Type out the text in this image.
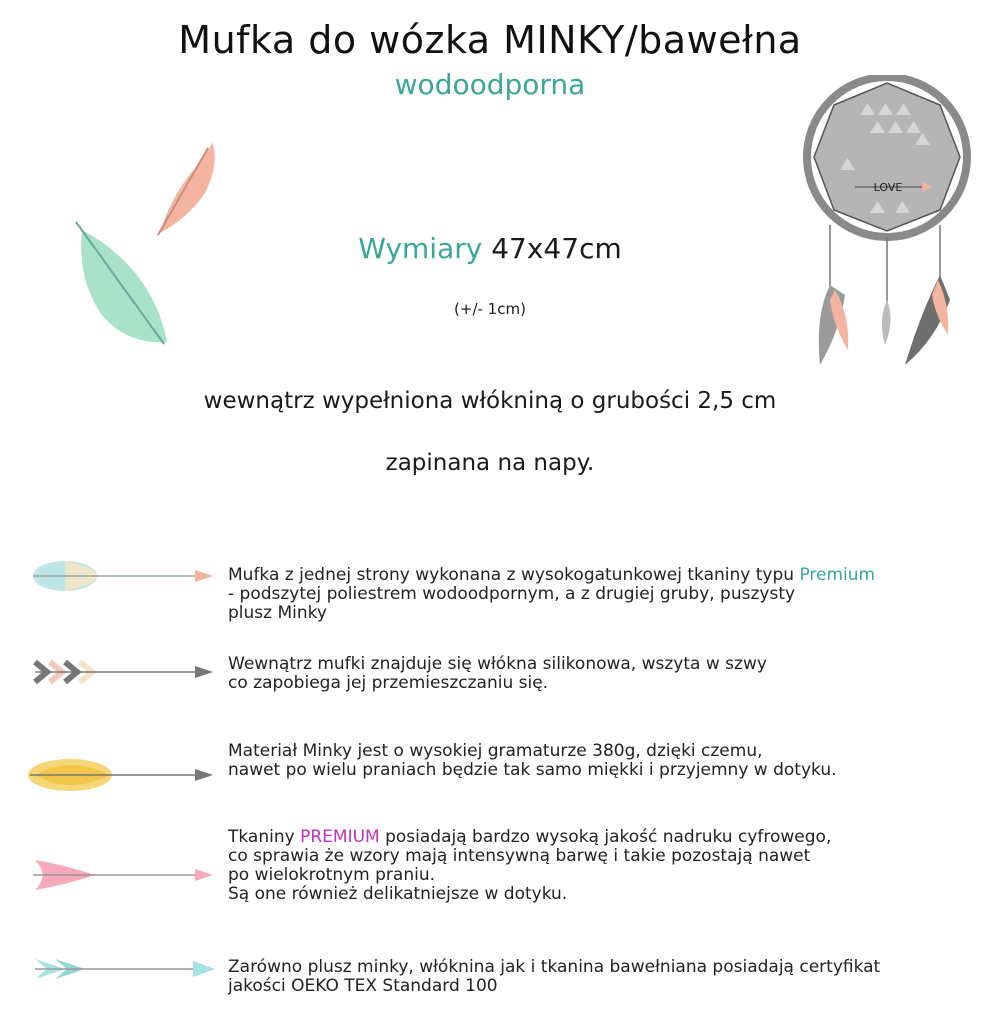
Mufka do wózka MINKY/bawełna
wodoodporna
LOVE
Wymiary 47x47cm
(+/- 1cm)
wewnątrz wypełniona włókniną o grubości 2,5 cm
zapinana na napy.
Mufka z jednej strony wykonana z wysokogatunkowej tkaniny typu Premium
- podszytej poliestrem wodoodpornym, a z drugiej gruby, puszysty
plusz Minky
Wewnątrz mufki znajduje się włókna silikonowa, wszyta w szwy
co zapobiega jej przemieszczaniu się.
Materiał Minky jest o wysokiej gramaturze 380g, dzięki czemu,
nawet po wielu praniach będzie tak samo miękki i przyjemny w dotyku.
Tkaniny PREMIUM posiadają bardzo wysoką jakość nadruku cyfrowego,
co sprawia że wzory mają intensywną barwę i takie pozostają nawet
po wielokrotnym praniu.
Są one również delikatniejsze w dotyku.
Zarówno plusz minky, włóknina jak i tkanina bawełniana posiadają certyfikat
jakości OEKO TEX Standard 100
